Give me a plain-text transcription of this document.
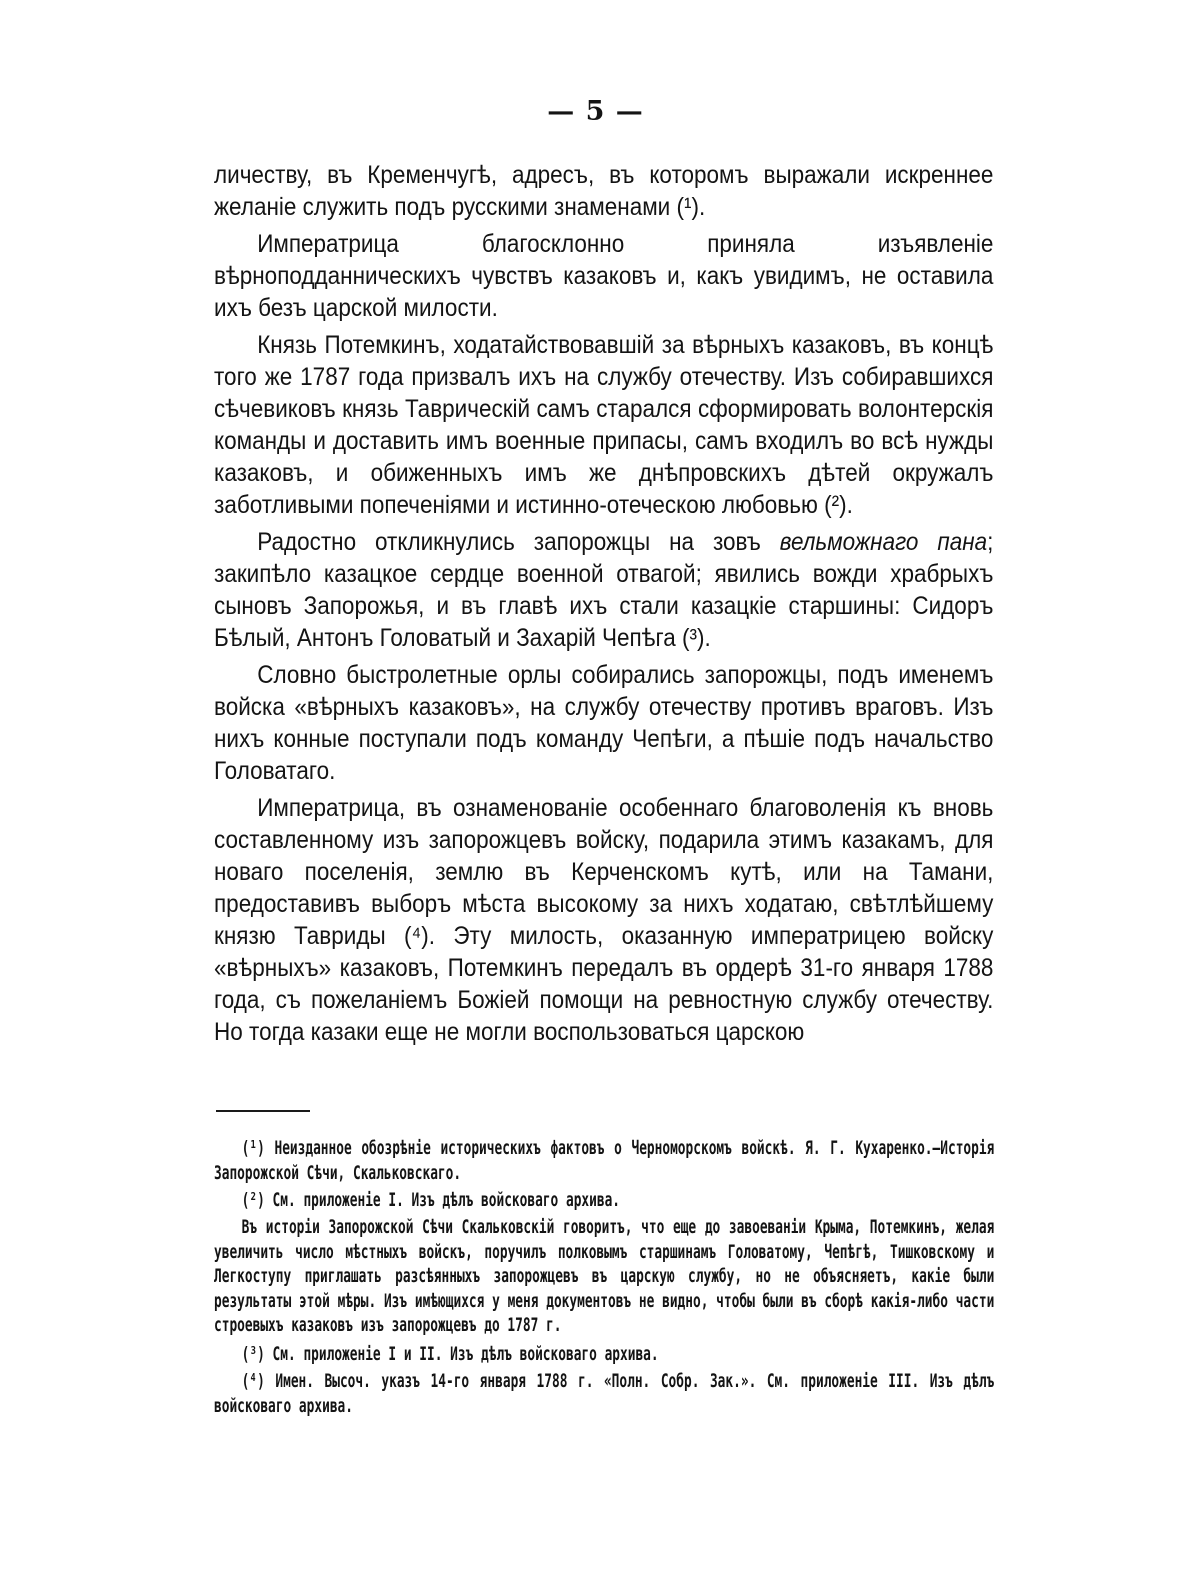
— 5 —

личеству, въ Кременчугѣ, адресъ, въ которомъ выражали искреннее желаніе служить подъ русскими знаменами (¹).

Императрица благосклонно приняла изъявленіе вѣрноподданническихъ чувствъ казаковъ и, какъ увидимъ, не оставила ихъ безъ царской милости.

Князь Потемкинъ, ходатайствовавшій за вѣрныхъ казаковъ, въ концѣ того же 1787 года призвалъ ихъ на службу отечеству. Изъ собиравшихся сѣчевиковъ князь Таврическій самъ старался сформировать волонтерскія команды и доставить имъ военные припасы, самъ входилъ во всѣ нужды казаковъ, и обиженныхъ имъ же днѣпровскихъ дѣтей окружалъ заботливыми попеченіями и истинно-отеческою любовью (²).

Радостно откликнулись запорожцы на зовъ вельможнаго пана; закипѣло казацкое сердце военной отвагой; явились вожди храбрыхъ сыновъ Запорожья, и въ главѣ ихъ стали казацкіе старшины: Сидоръ Бѣлый, Антонъ Головатый и Захарій Чепѣга (³).

Словно быстролетные орлы собирались запорожцы, подъ именемъ войска «вѣрныхъ казаковъ», на службу отечеству противъ враговъ. Изъ нихъ конные поступали подъ команду Чепѣги, а пѣшіе подъ начальство Головатаго.

Императрица, въ ознаменованіе особеннаго благоволенія къ вновь составленному изъ запорожцевъ войску, подарила этимъ казакамъ, для новаго поселенія, землю въ Керченскомъ кутѣ, или на Тамани, предоставивъ выборъ мѣста высокому за нихъ ходатаю, свѣтлѣйшему князю Тавриды (⁴). Эту милость, оказанную императрицею войску «вѣрныхъ» казаковъ, Потемкинъ передалъ въ ордерѣ 31-го января 1788 года, съ пожеланіемъ Божіей помощи на ревностную службу отечеству. Но тогда казаки еще не могли воспользоваться царскою

(¹) Неизданное обозрѣніе историческихъ фактовъ о Черноморскомъ войскѣ. Я. Г. Кухаренко.—Исторія Запорожской Сѣчи, Скальковскаго.

(²) См. приложеніе I. Изъ дѣлъ войсковаго архива.

Въ исторіи Запорожской Сѣчи Скальковскій говоритъ, что еще до завоеваніи Крыма, Потемкинъ, желая увеличить число мѣстныхъ войскъ, поручилъ полковымъ старшинамъ Головатому, Чепѣгѣ, Тишковскому и Легкоступу приглашать разсѣянныхъ запорожцевъ въ царскую службу, но не объясняетъ, какіе были результаты этой мѣры. Изъ имѣющихся у меня документовъ не видно, чтобы были въ сборѣ какія-либо части строевыхъ казаковъ изъ запорожцевъ до 1787 г.

(³) См. приложеніе I и II. Изъ дѣлъ войсковаго архива.

(⁴) Имен. Высоч. указъ 14-го января 1788 г. «Полн. Собр. Зак.». См. приложеніе III. Изъ дѣлъ войсковаго архива.
